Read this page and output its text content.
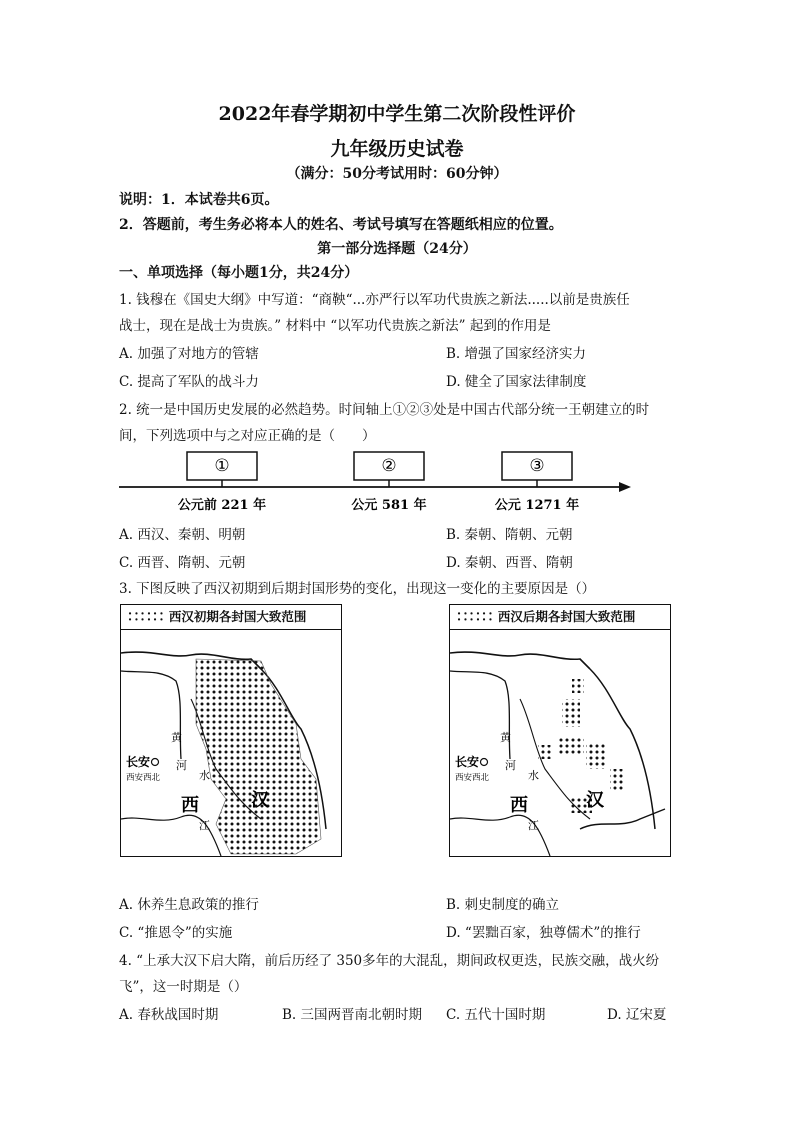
2022年春学期初中学生第二次阶段性评价
九年级历史试卷
（满分：50分考试用时：60分钟）
说明：1．本试卷共6页。
2．答题前，考生务必将本人的姓名、考试号填写在答题纸相应的位置。
第一部分选择题（24分）
一、单项选择（每小题1分，共24分）
1. 钱穆在《国史大纲》中写道：“商鞅“...亦严行以军功代贵族之新法.....以前是贵族任
战士，现在是战士为贵族。” 材料中 “以军功代贵族之新法” 起到的作用是
A. 加强了对地方的管辖	B. 增强了国家经济实力
C. 提高了军队的战斗力	D. 健全了国家法律制度
2. 统一是中国历史发展的必然趋势。时间轴上①②③处是中国古代部分统一王朝建立的时
间，下列选项中与之对应正确的是（　　）
①	②	③
公元前 221 年	公元 581 年	公元 1271 年
A. 西汉、秦朝、明朝	B. 秦朝、隋朝、元朝
C. 西晋、隋朝、元朝	D. 秦朝、西晋、隋朝
3. 下图反映了西汉初期到后期封国形势的变化，出现这一变化的主要原因是（）
∷∷∷ 西汉初期各封国大致范围
黄
河
水
长安
西安西北
西	汉
江
∷∷∷ 西汉后期各封国大致范围
黄
河
水
长安
西安西北
西	汉
江
A. 休养生息政策的推行	B. 刺史制度的确立
C. “推恩令”的实施	D. “罢黜百家，独尊儒术”的推行
4. “上承大汉下启大隋，前后历经了 350多年的大混乱，期间政权更迭，民族交融，战火纷
飞”，这一时期是（）
A. 春秋战国时期	B. 三国两晋南北朝时期 C. 五代十国时期	D. 辽宋夏
